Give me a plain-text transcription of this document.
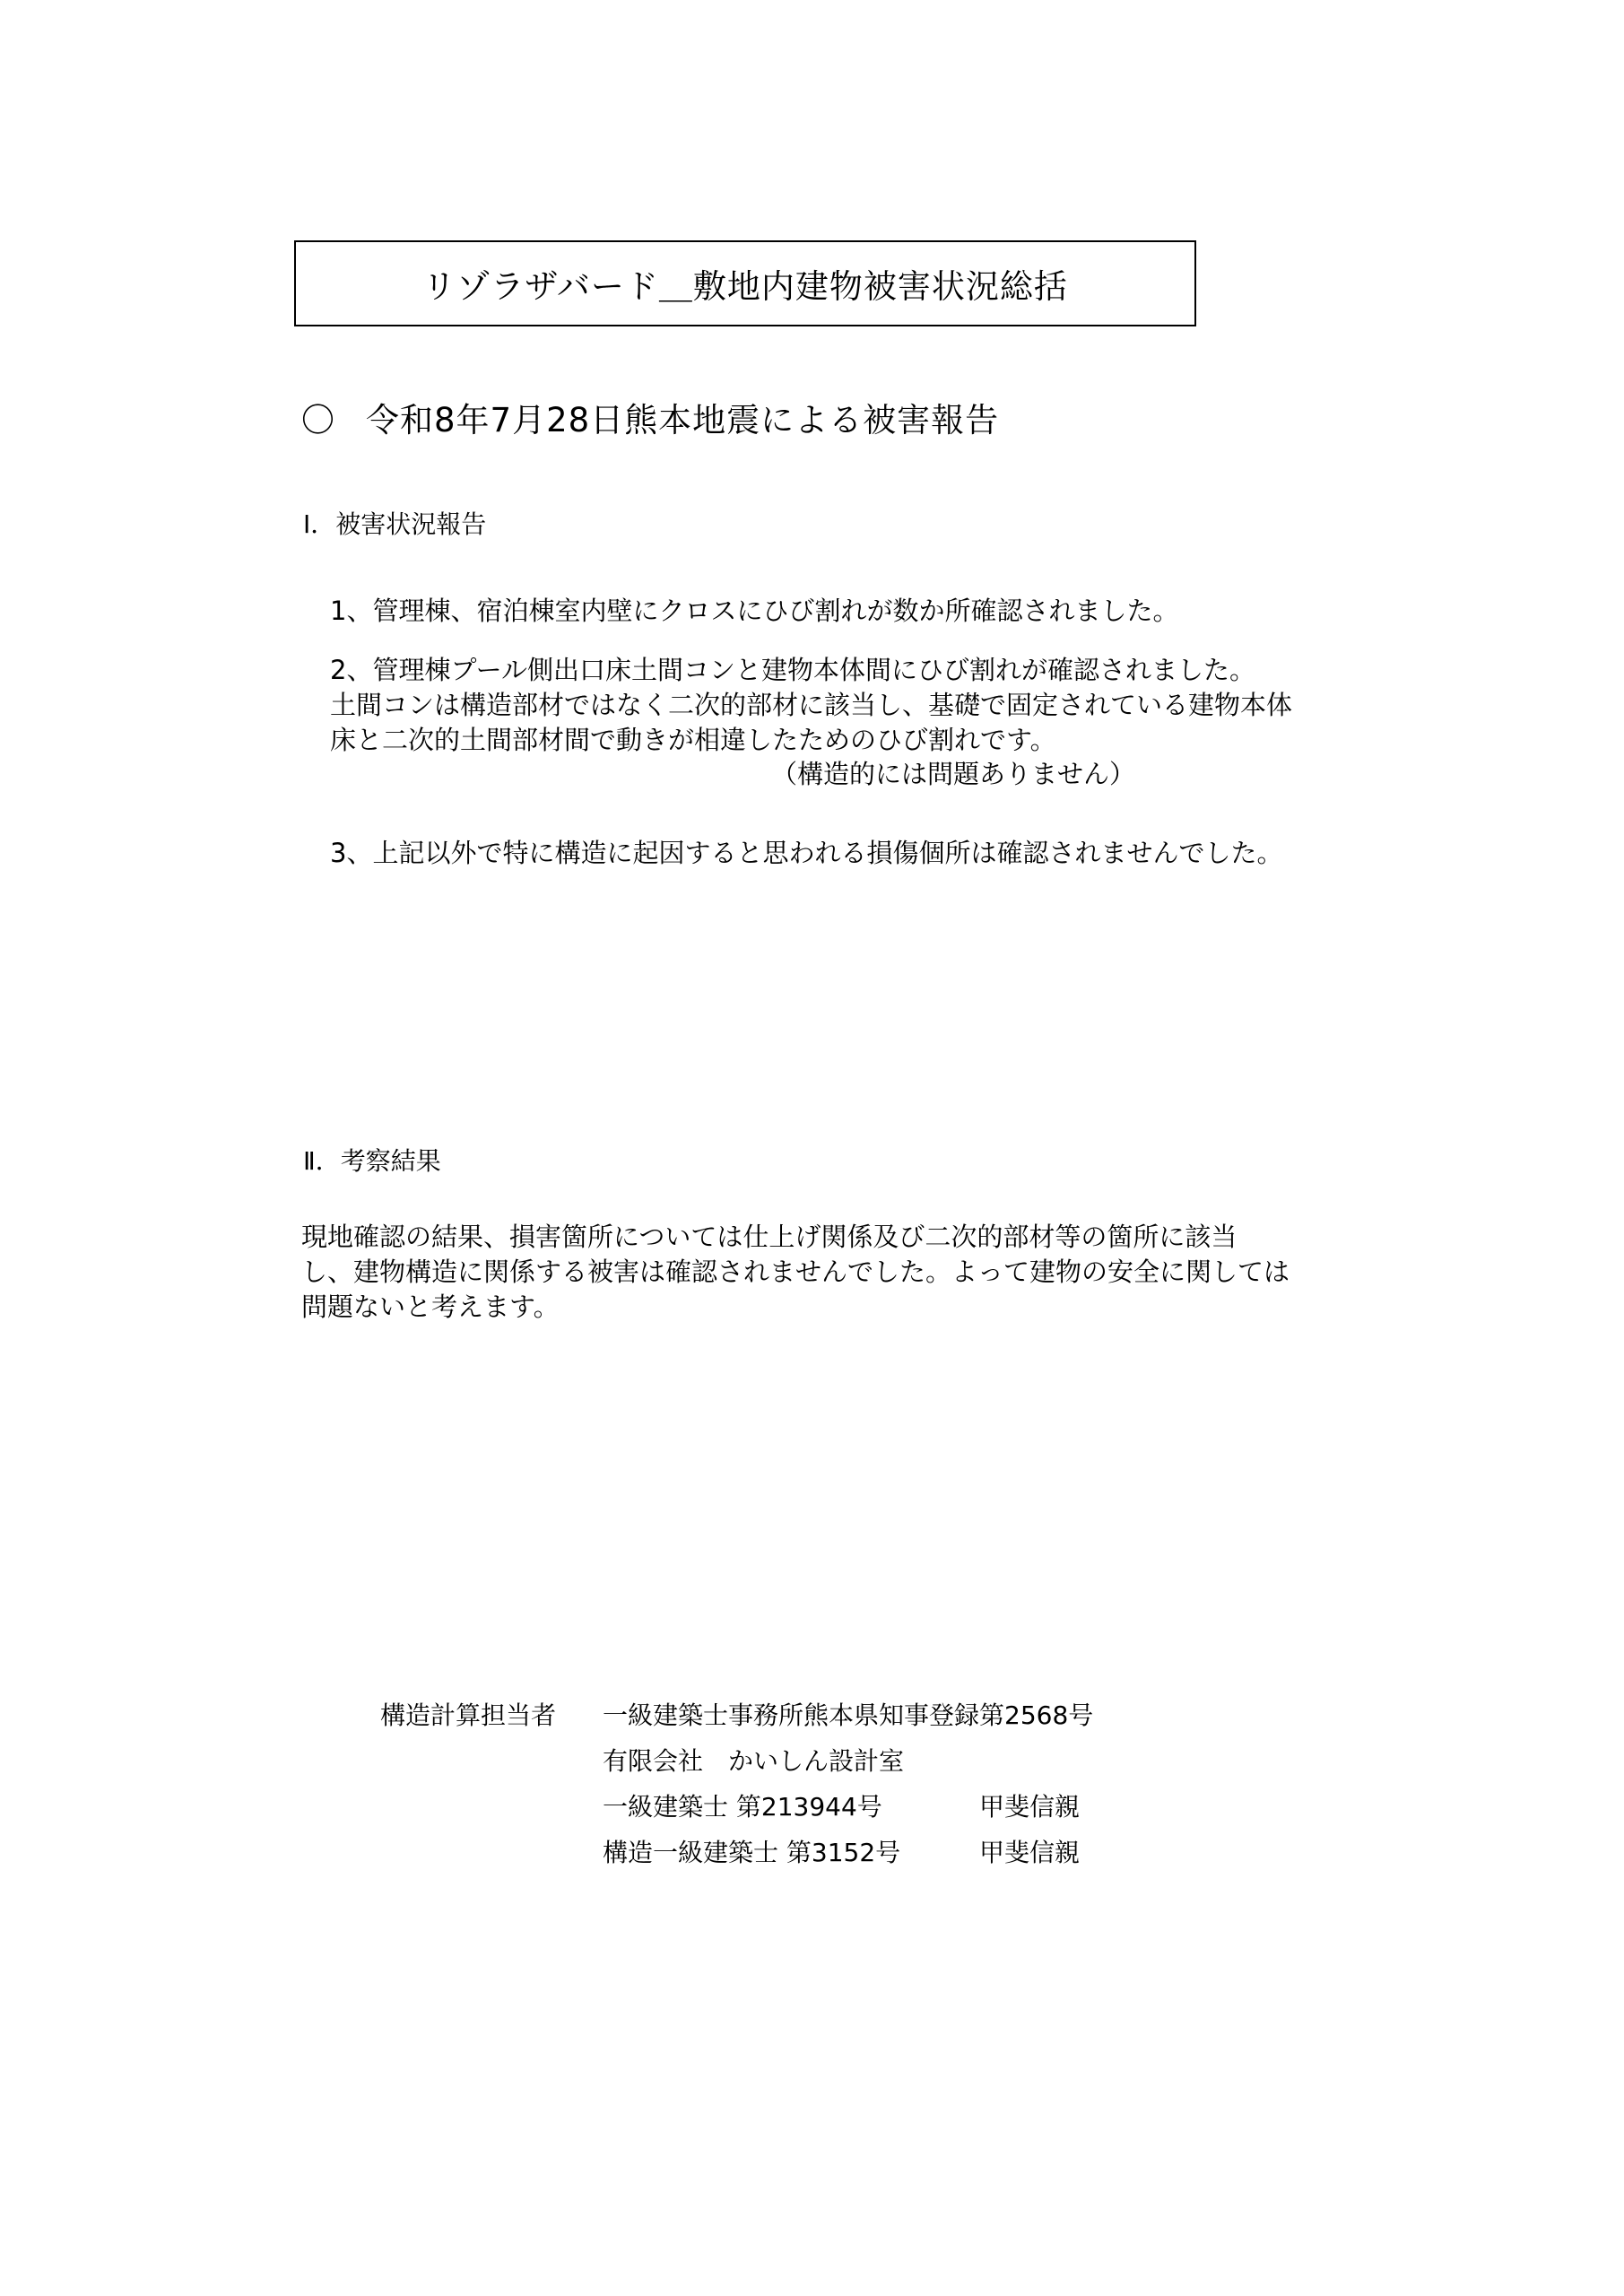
リゾラザバード＿敷地内建物被害状況総括
〇 令和8年7月28日熊本地震による被害報告
Ⅰ．被害状況報告
1、管理棟、宿泊棟室内壁にクロスにひび割れが数か所確認されました。
2、管理棟プール側出口床土間コンと建物本体間にひび割れが確認されました。
土間コンは構造部材ではなく二次的部材に該当し、基礎で固定されている建物本体
床と二次的土間部材間で動きが相違したためのひび割れです。
（構造的には問題ありません）
3、上記以外で特に構造に起因すると思われる損傷個所は確認されませんでした。
Ⅱ．考察結果
現地確認の結果、損害箇所については仕上げ関係及び二次的部材等の箇所に該当
し、建物構造に関係する被害は確認されませんでした。よって建物の安全に関しては
問題ないと考えます。
構造計算担当者 一級建築士事務所熊本県知事登録第2568号
有限会社　かいしん設計室
一級建築士 第213944号	甲斐信親
構造一級建築士 第3152号	甲斐信親
